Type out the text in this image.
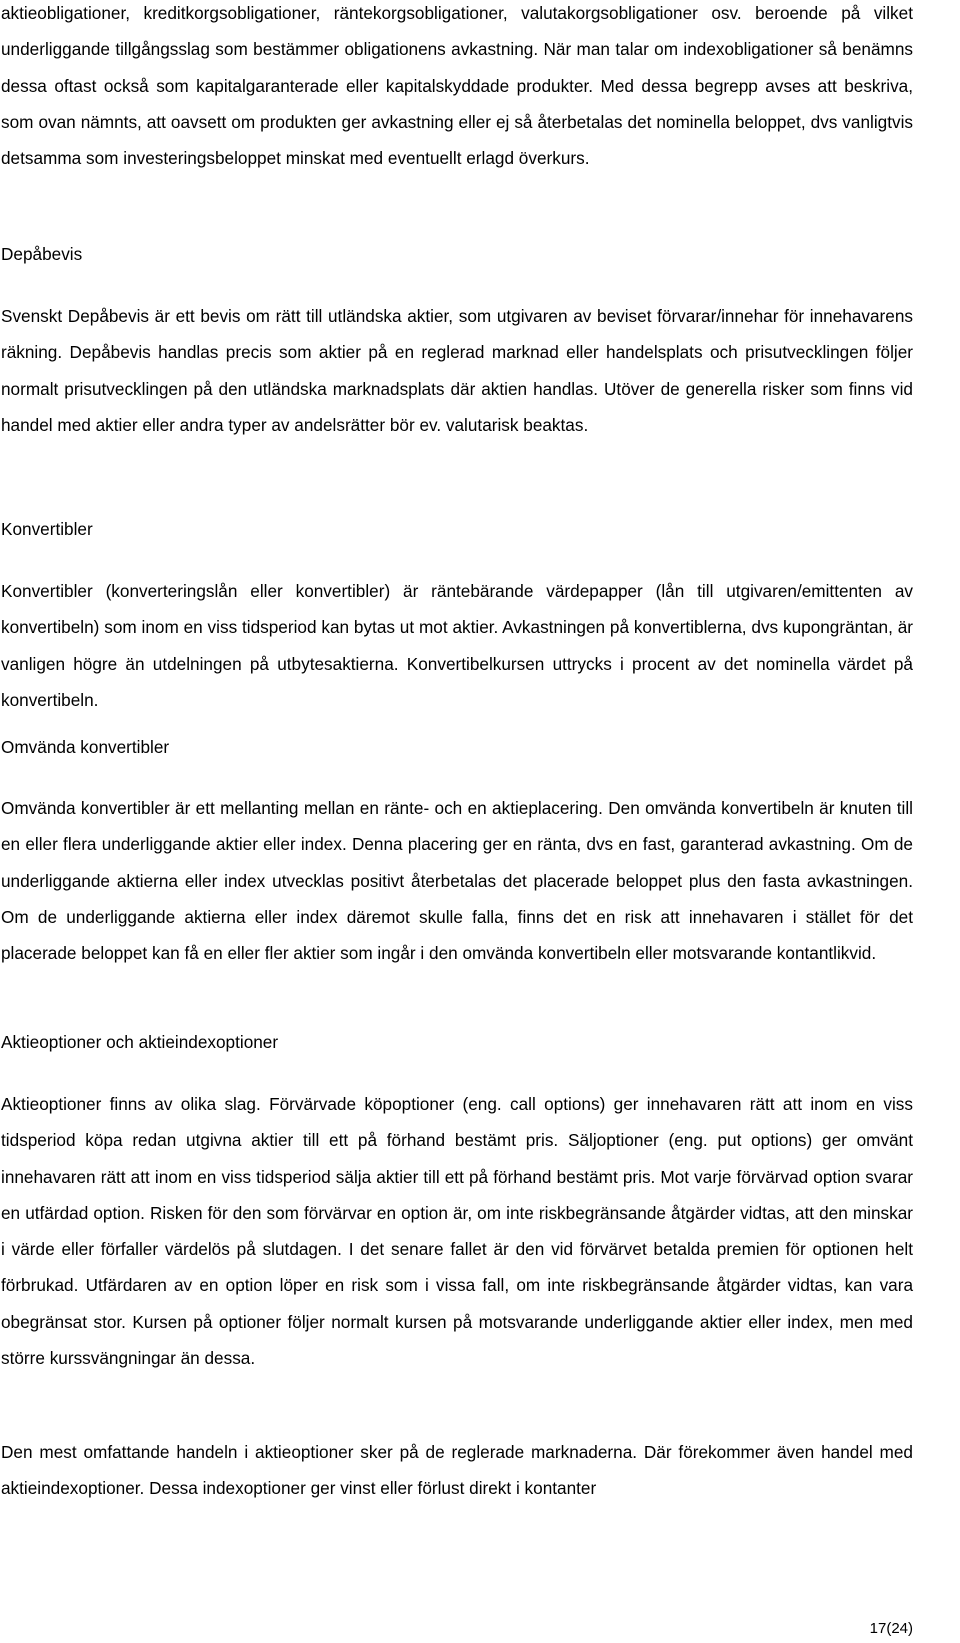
aktieobligationer, kreditkorgsobligationer, räntekorgsobligationer, valutakorgsobligationer osv. beroende på vilket underliggande tillgångsslag som bestämmer obligationens avkastning. När man talar om indexobligationer så benämns dessa oftast också som kapitalgaranterade eller kapitalskyddade produkter. Med dessa begrepp avses att beskriva, som ovan nämnts, att oavsett om produkten ger avkastning eller ej så återbetalas det nominella beloppet, dvs vanligtvis detsamma som investeringsbeloppet minskat med eventuellt erlagd överkurs.

Depåbevis

Svenskt Depåbevis är ett bevis om rätt till utländska aktier, som utgivaren av beviset förvarar/innehar för innehavarens räkning. Depåbevis handlas precis som aktier på en reglerad marknad eller handelsplats och prisutvecklingen följer normalt prisutvecklingen på den utländska marknadsplats där aktien handlas. Utöver de generella risker som finns vid handel med aktier eller andra typer av andelsrätter bör ev. valutarisk beaktas.

Konvertibler

Konvertibler (konverteringslån eller konvertibler) är räntebärande värdepapper (lån till utgivaren/emittenten av konvertibeln) som inom en viss tidsperiod kan bytas ut mot aktier. Avkastningen på konvertiblerna, dvs kupongräntan, är vanligen högre än utdelningen på utbytesaktierna. Konvertibelkursen uttrycks i procent av det nominella värdet på konvertibeln.

Omvända konvertibler

Omvända konvertibler är ett mellanting mellan en ränte- och en aktieplacering. Den omvända konvertibeln är knuten till en eller flera underliggande aktier eller index. Denna placering ger en ränta, dvs en fast, garanterad avkastning. Om de underliggande aktierna eller index utvecklas positivt återbetalas det placerade beloppet plus den fasta avkastningen. Om de underliggande aktierna eller index däremot skulle falla, finns det en risk att innehavaren i stället för det placerade beloppet kan få en eller fler aktier som ingår i den omvända konvertibeln eller motsvarande kontantlikvid.

Aktieoptioner och aktieindexoptioner

Aktieoptioner finns av olika slag. Förvärvade köpoptioner (eng. call options) ger innehavaren rätt att inom en viss tidsperiod köpa redan utgivna aktier till ett på förhand bestämt pris. Säljoptioner (eng. put options) ger omvänt innehavaren rätt att inom en viss tidsperiod sälja aktier till ett på förhand bestämt pris. Mot varje förvärvad option svarar en utfärdad option. Risken för den som förvärvar en option är, om inte riskbegränsande åtgärder vidtas, att den minskar i värde eller förfaller värdelös på slutdagen. I det senare fallet är den vid förvärvet betalda premien för optionen helt förbrukad. Utfärdaren av en option löper en risk som i vissa fall, om inte riskbegränsande åtgärder vidtas, kan vara obegränsat stor. Kursen på optioner följer normalt kursen på motsvarande underliggande aktier eller index, men med större kurssvängningar än dessa.

Den mest omfattande handeln i aktieoptioner sker på de reglerade marknaderna. Där förekommer även handel med aktieindexoptioner. Dessa indexoptioner ger vinst eller förlust direkt i kontanter

17(24)
